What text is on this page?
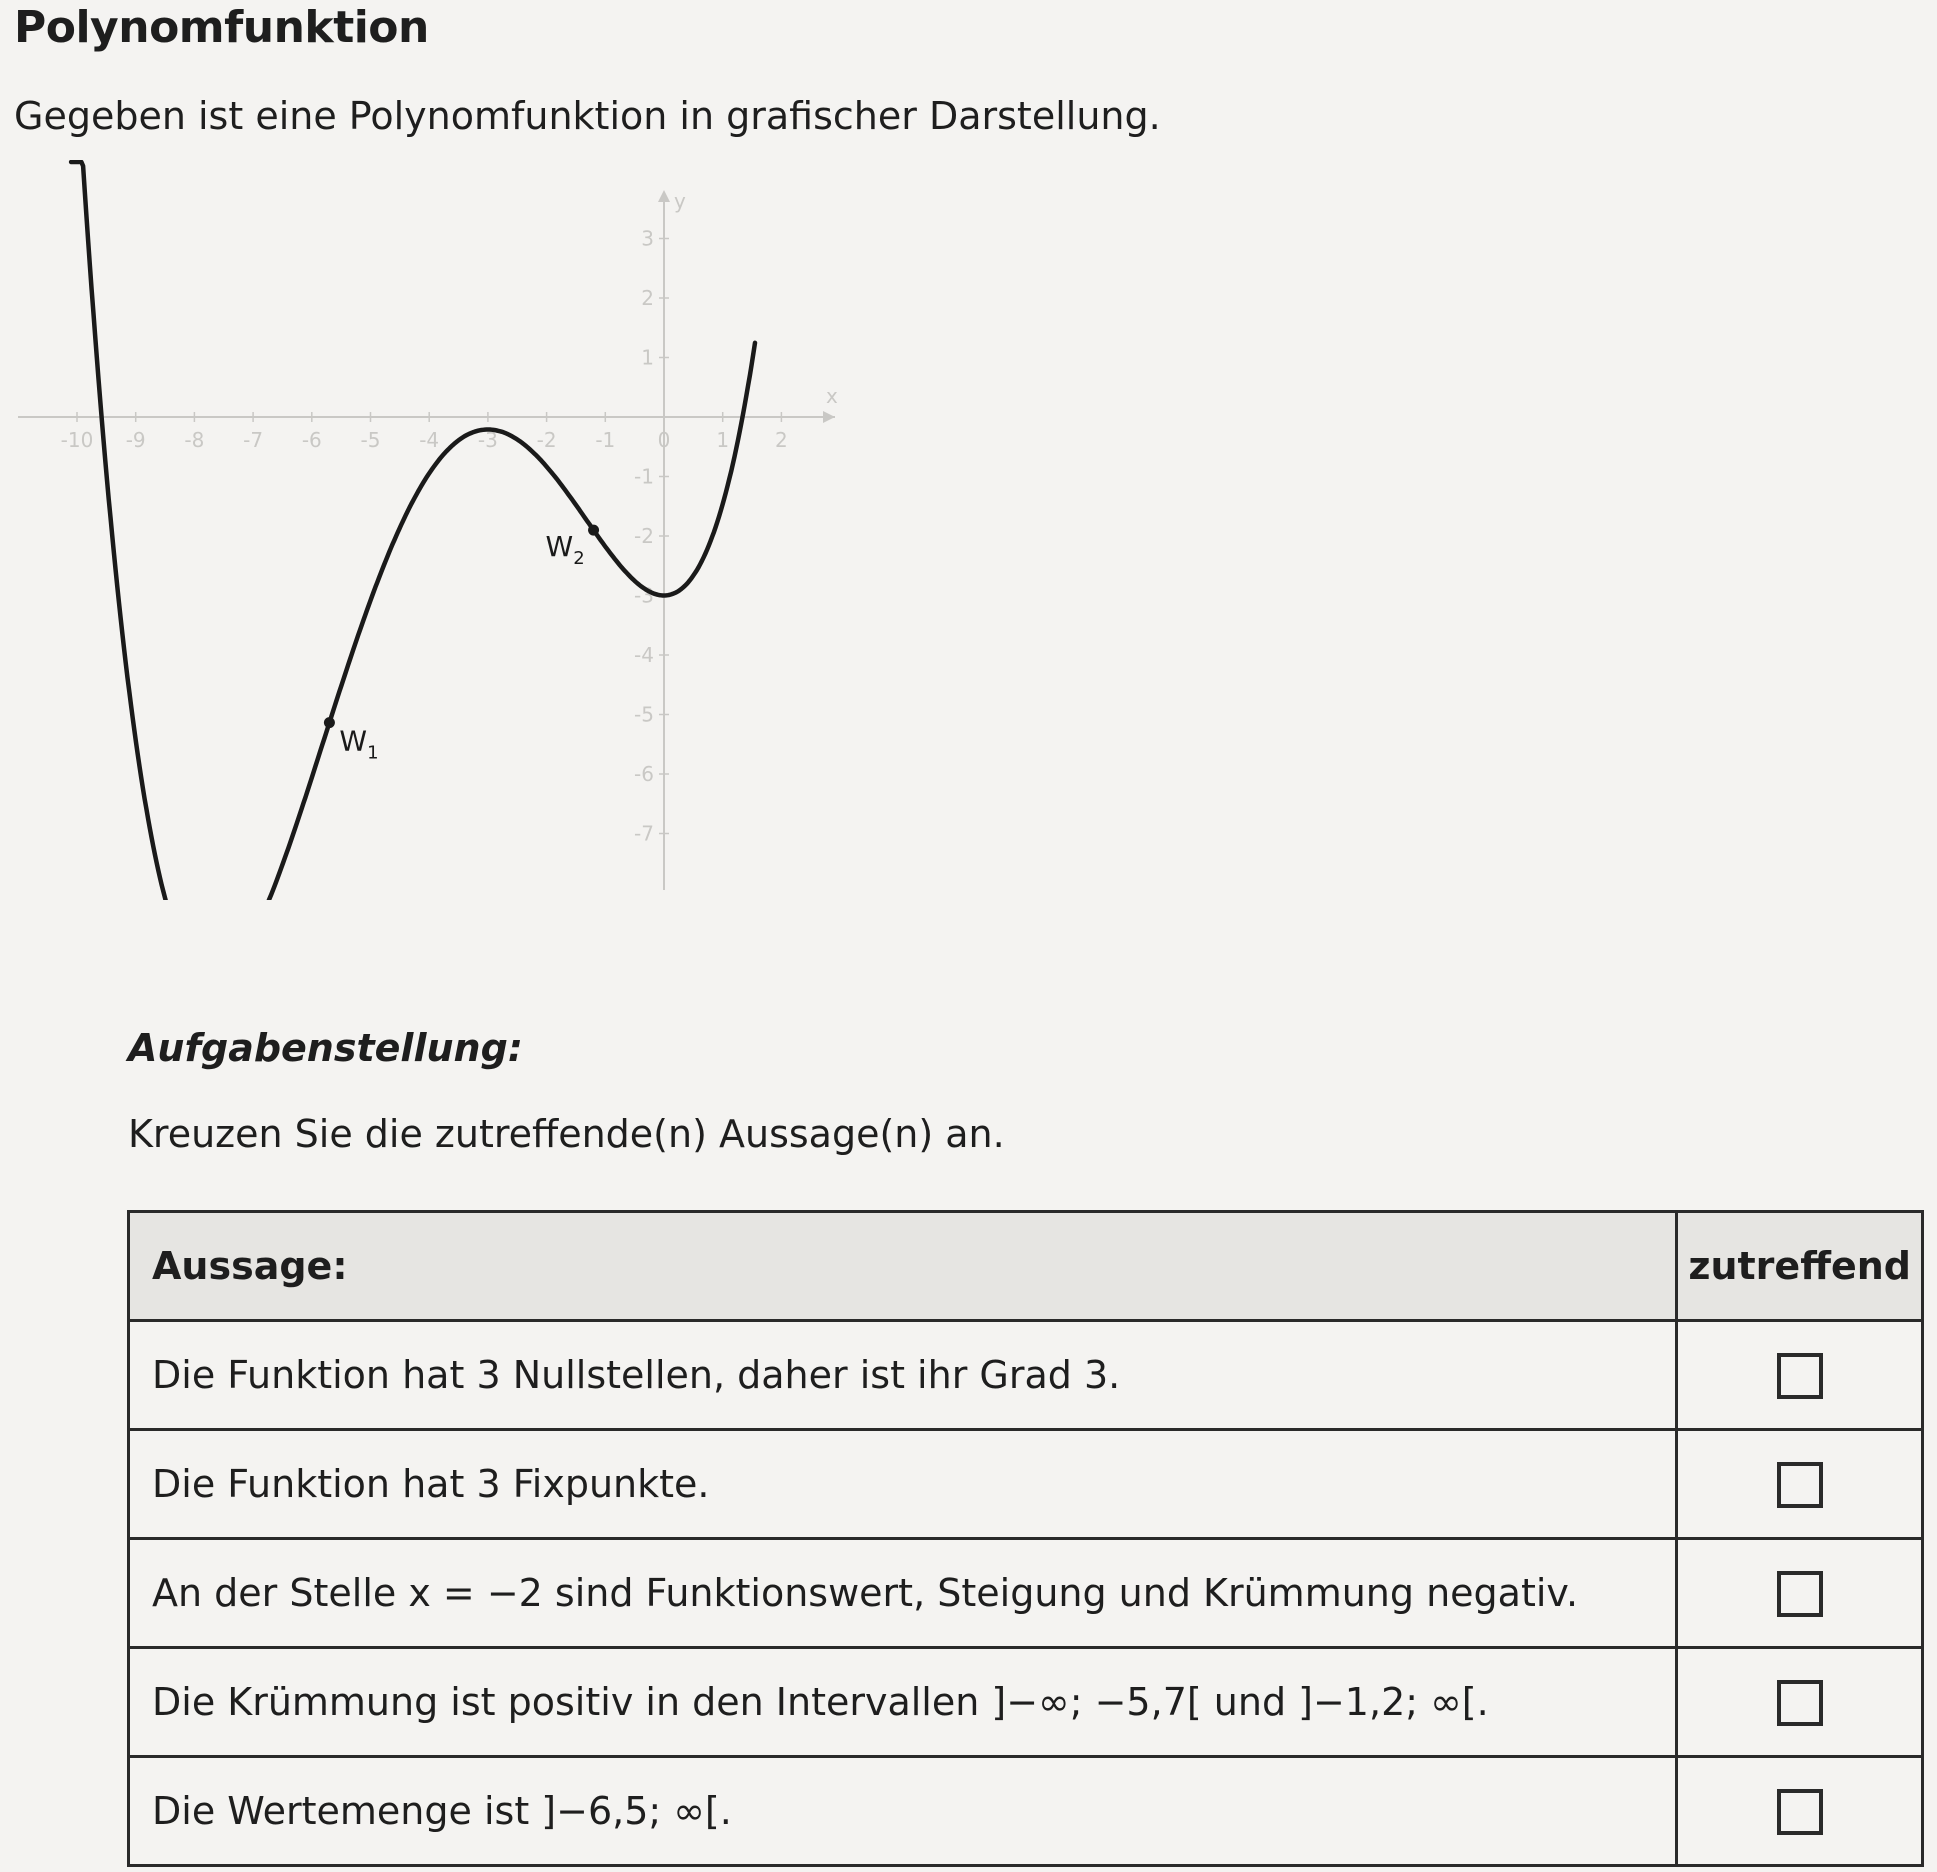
Polynomfunktion

Gegeben ist eine Polynomfunktion in grafischer Darstellung.

x
y
-10 -9 -8 -7 -6 -5 -4 -3 -2 -1 0 1 2
3
2
1
-1
-2
-3
-4
-5
-6
-7
$W_1$
$W_2$
Aufgabenstellung:

Kreuzen Sie die zutreffende(n) Aussage(n) an.

Aussage:	zutreffend
Die Funktion hat 3 Nullstellen, daher ist ihr Grad 3.	
Die Funktion hat 3 Fixpunkte.	
An der Stelle x = −2 sind Funktionswert, Steigung und Krümmung negativ.	
Die Krümmung ist positiv in den Intervallen ]−∞; −5,7[ und ]−1,2; ∞[.	
Die Wertemenge ist ]−6,5; ∞[.	
